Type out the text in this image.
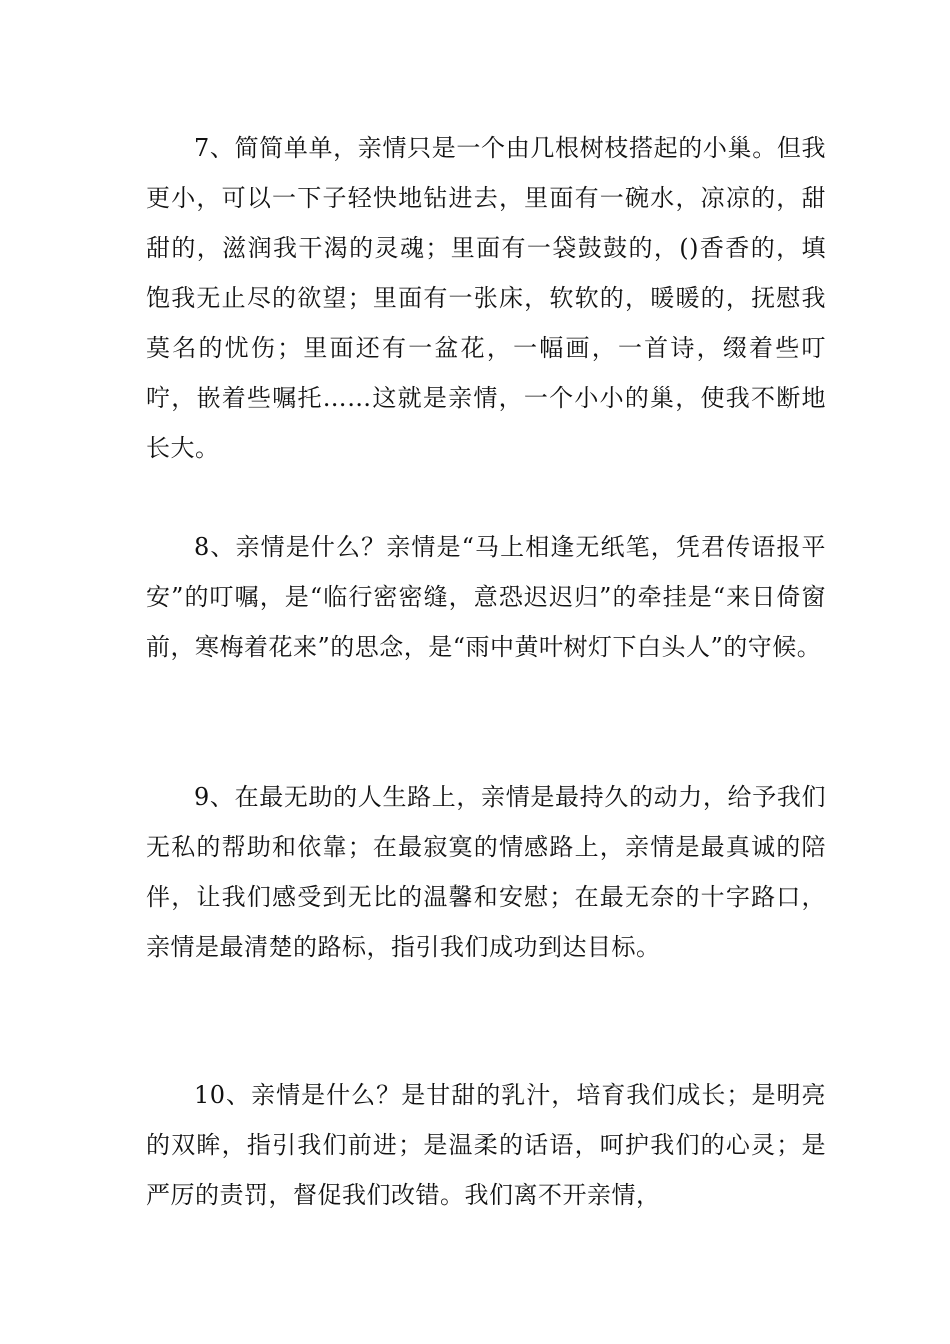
7、简简单单，亲情只是一个由几根树枝搭起的小巢。但我更小，可以一下子轻快地钻进去，里面有一碗水，凉凉的，甜甜的，滋润我干渴的灵魂；里面有一袋鼓鼓的，()香香的，填饱我无止尽的欲望；里面有一张床，软软的，暖暖的，抚慰我莫名的忧伤；里面还有一盆花，一幅画，一首诗，缀着些叮咛，嵌着些嘱托……这就是亲情，一个小小的巢，使我不断地长大。

8、亲情是什么？亲情是“马上相逢无纸笔，凭君传语报平安”的叮嘱，是“临行密密缝，意恐迟迟归”的牵挂是“来日倚窗前，寒梅着花来”的思念，是“雨中黄叶树灯下白头人”的守候。

9、在最无助的人生路上，亲情是最持久的动力，给予我们无私的帮助和依靠；在最寂寞的情感路上，亲情是最真诚的陪伴，让我们感受到无比的温馨和安慰；在最无奈的十字路口，亲情是最清楚的路标，指引我们成功到达目标。

10、亲情是什么？是甘甜的乳汁，培育我们成长；是明亮的双眸，指引我们前进；是温柔的话语，呵护我们的心灵；是严厉的责罚，督促我们改错。我们离不开亲情，
